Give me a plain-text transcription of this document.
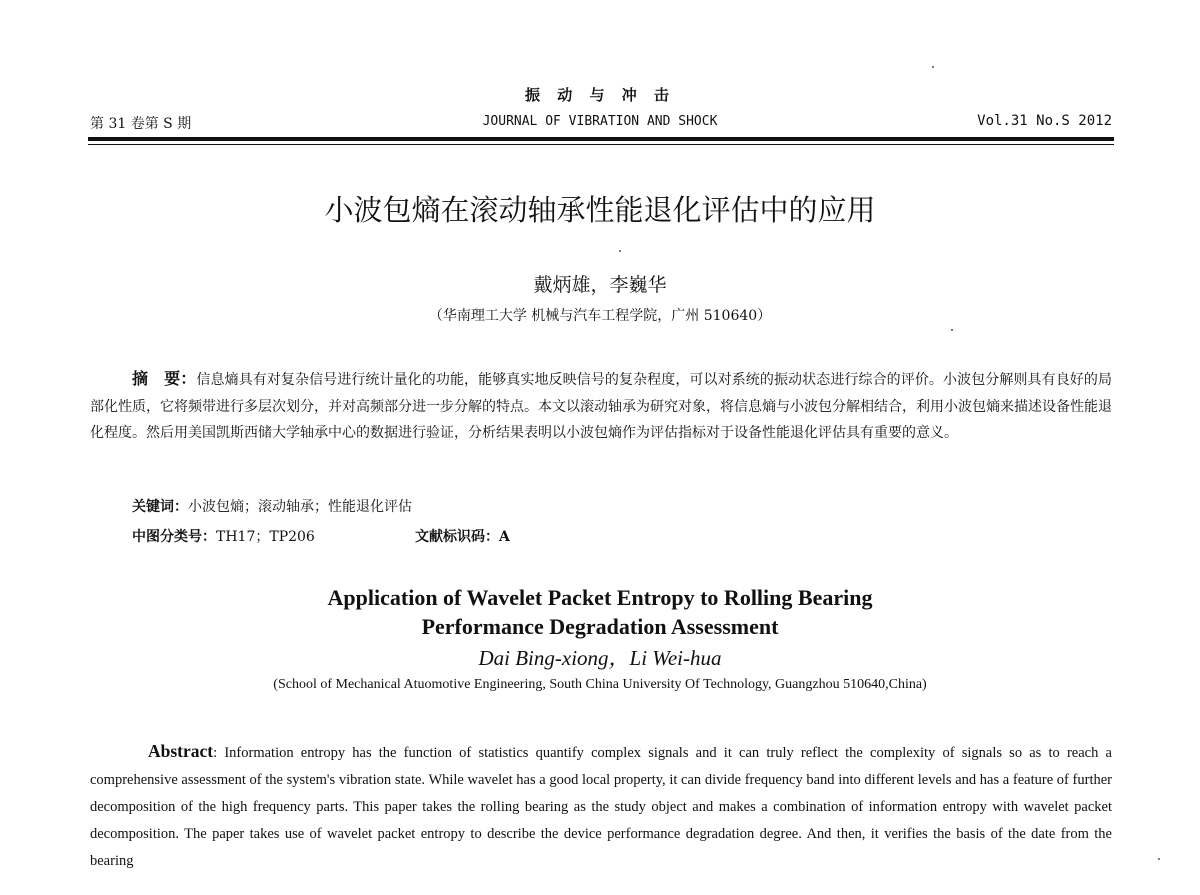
振 动 与 冲 击
第 31 卷第 S 期	JOURNAL OF VIBRATION AND SHOCK	Vol.31 No.S 2012
小波包熵在滚动轴承性能退化评估中的应用
戴炳雄，李巍华
（华南理工大学 机械与汽车工程学院，广州 510640）
摘　要：信息熵具有对复杂信号进行统计量化的功能，能够真实地反映信号的复杂程度，可以对系统的振动状态进行综合的评价。小波包分解则具有良好的局部化性质，它将频带进行多层次划分，并对高频部分进一步分解的特点。本文以滚动轴承为研究对象，将信息熵与小波包分解相结合，利用小波包熵来描述设备性能退化程度。然后用美国凯斯西储大学轴承中心的数据进行验证，分析结果表明以小波包熵作为评估指标对于设备性能退化评估具有重要的意义。
关键词：小波包熵；滚动轴承；性能退化评估
中图分类号：TH17；TP206	文献标识码：A
Application of Wavelet Packet Entropy to Rolling Bearing
Performance Degradation Assessment
Dai Bing-xiong，Li Wei-hua
(School of Mechanical Atuomotive Engineering, South China University Of Technology, Guangzhou 510640,China)
Abstract: Information entropy has the function of statistics quantify complex signals and it can truly reflect the complexity of signals so as to reach a comprehensive assessment of the system's vibration state. While wavelet has a good local property, it can divide frequency band into different levels and has a feature of further decomposition of the high frequency parts. This paper takes the rolling bearing as the study object and makes a combination of information entropy with wavelet packet decomposition. The paper takes use of wavelet packet entropy to describe the device performance degradation degree. And then, it verifies the basis of the date from the bearing
